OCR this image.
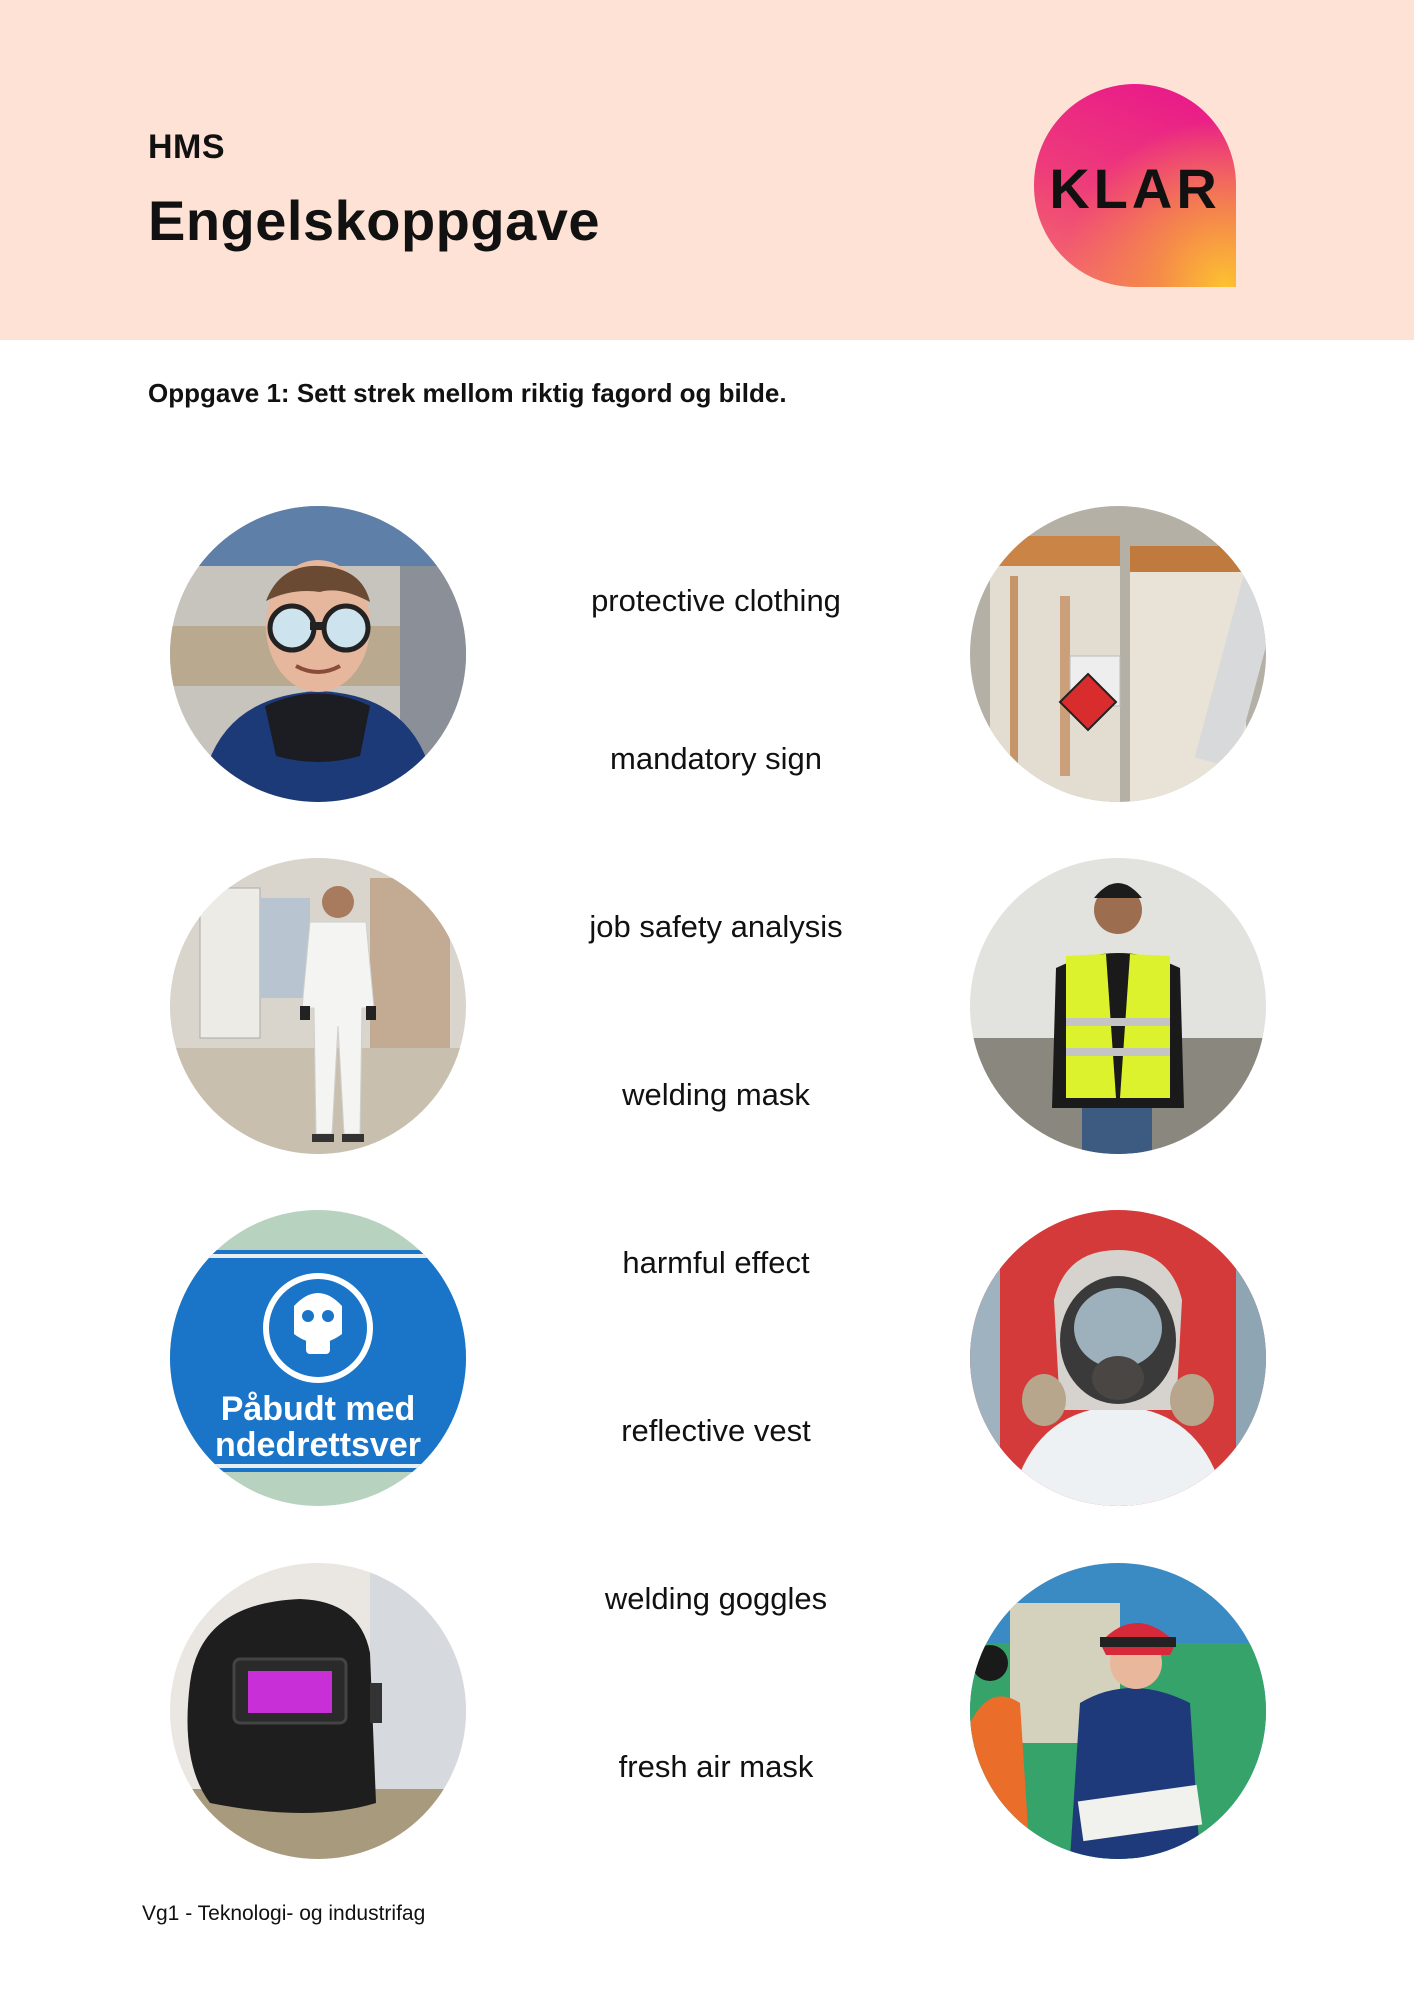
HMS
Engelskoppgave
KLAR
Oppgave 1: Sett strek mellom riktig fagord og bilde.
Påbudt med
ndedrettsver
protective clothing
mandatory sign
job safety analysis
welding mask
harmful effect
reflective vest
welding goggles
fresh air mask
Vg1 - Teknologi- og industrifag
